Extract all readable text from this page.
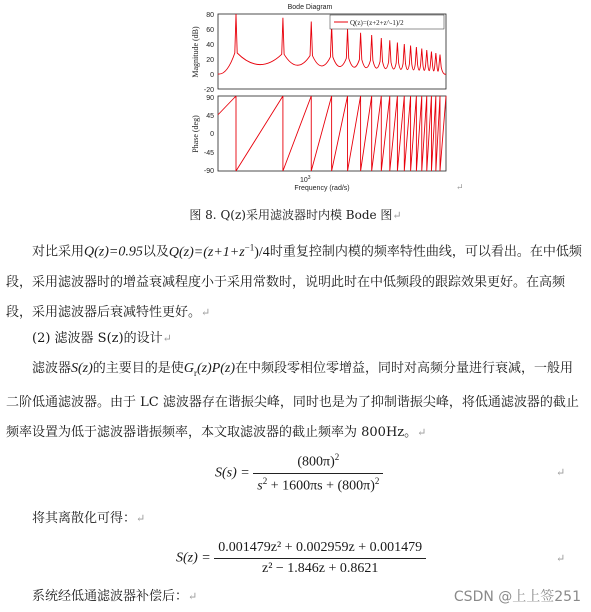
Bode Diagram
80
60
40
20
0
-20
Magnitude (dB)
Q(z)=(z+2+z^-1)/2
90
45
0
-45
-90
Phase (deg)
$10^3$
Frequency (rad/s)	↵
图 8. Q(z)采用滤波器时内模 Bode 图↵
对比采用Q(z)=0.95以及$Q(z)=(z+1+z^{-1})/4$时重复控制内模的频率特性曲线，可以看出。在中低频段，采用滤波器时的增益衰减程度小于采用常数时，说明此时在中低频段的跟踪效果更好。在高频段，采用滤波器后衰减特性更好。↵
(2) 滤波器 S(z)的设计↵
滤波器S(z)的主要目的是使$G_r(z)P(z)$在中频段零相位零增益，同时对高频分量进行衰减，一般用二阶低通滤波器。由于 LC 滤波器存在谐振尖峰，同时也是为了抑制谐振尖峰，将低通滤波器的截止频率设置为低于滤波器谐振频率，本文取滤波器的截止频率为 800Hz。↵
$S(s) = \frac{(800\pi)^2}{s^2 + 1600\pi s + (800\pi)^2}$	↵
将其离散化可得：↵
$S(z) = \frac{\text{0.001479z² + 0.002959z + 0.001479}}{\text{z² − 1.846z + 0.8621}}$	↵
系统经低通滤波器补偿后：↵	CSDN @上上签251
